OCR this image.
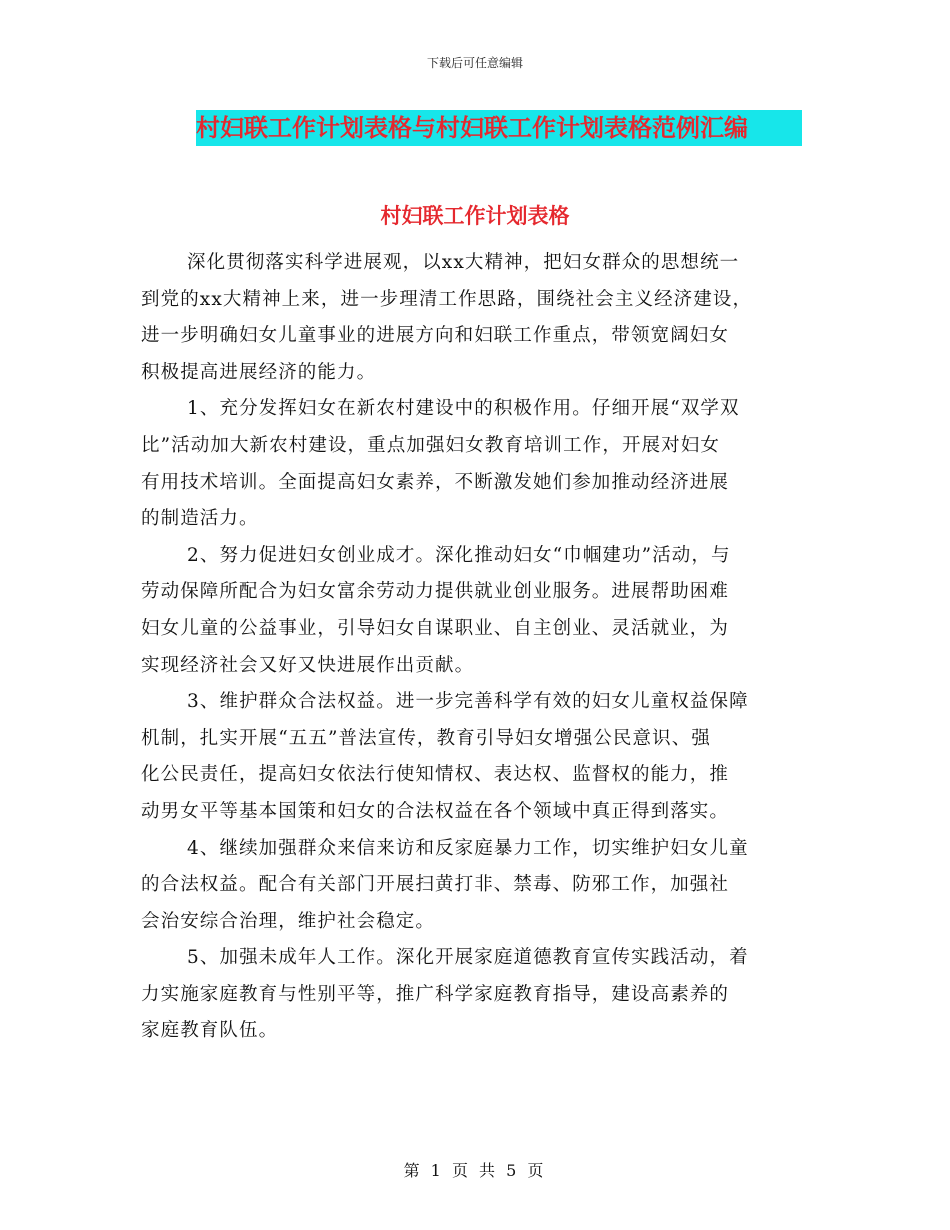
下载后可任意编辑
村妇联工作计划表格与村妇联工作计划表格范例汇编
村妇联工作计划表格
深化贯彻落实科学进展观，以xx大精神，把妇女群众的思想统一
到党的xx大精神上来，进一步理清工作思路，围绕社会主义经济建设，
进一步明确妇女儿童事业的进展方向和妇联工作重点，带领宽阔妇女
积极提高进展经济的能力。
1、充分发挥妇女在新农村建设中的积极作用。仔细开展“双学双
比”活动加大新农村建设，重点加强妇女教育培训工作，开展对妇女
有用技术培训。全面提高妇女素养，不断激发她们参加推动经济进展
的制造活力。
2、努力促进妇女创业成才。深化推动妇女“巾帼建功”活动，与
劳动保障所配合为妇女富余劳动力提供就业创业服务。进展帮助困难
妇女儿童的公益事业，引导妇女自谋职业、自主创业、灵活就业，为
实现经济社会又好又快进展作出贡献。
3、维护群众合法权益。进一步完善科学有效的妇女儿童权益保障
机制，扎实开展“五五”普法宣传，教育引导妇女增强公民意识、强
化公民责任，提高妇女依法行使知情权、表达权、监督权的能力，推
动男女平等基本国策和妇女的合法权益在各个领域中真正得到落实。
4、继续加强群众来信来访和反家庭暴力工作，切实维护妇女儿童
的合法权益。配合有关部门开展扫黄打非、禁毒、防邪工作，加强社
会治安综合治理，维护社会稳定。
5、加强未成年人工作。深化开展家庭道德教育宣传实践活动，着
力实施家庭教育与性别平等，推广科学家庭教育指导，建设高素养的
家庭教育队伍。
第 1 页 共 5 页
